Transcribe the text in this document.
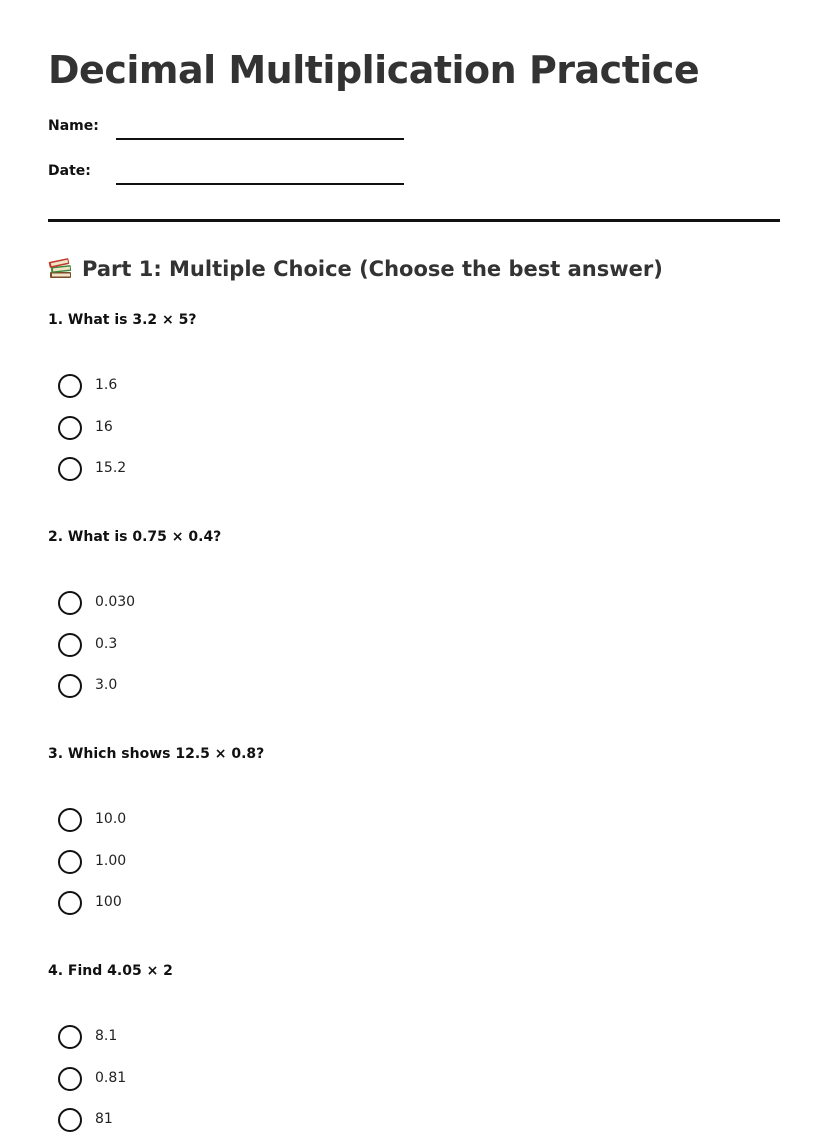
Decimal Multiplication Practice
Name:
Date:
Part 1: Multiple Choice (Choose the best answer)

1. What is 3.2 × 5?

1.6
16
15.2

2. What is 0.75 × 0.4?

0.030
0.3
3.0

3. Which shows 12.5 × 0.8?

10.0
1.00
100

4. Find 4.05 × 2

8.1
0.81
81
